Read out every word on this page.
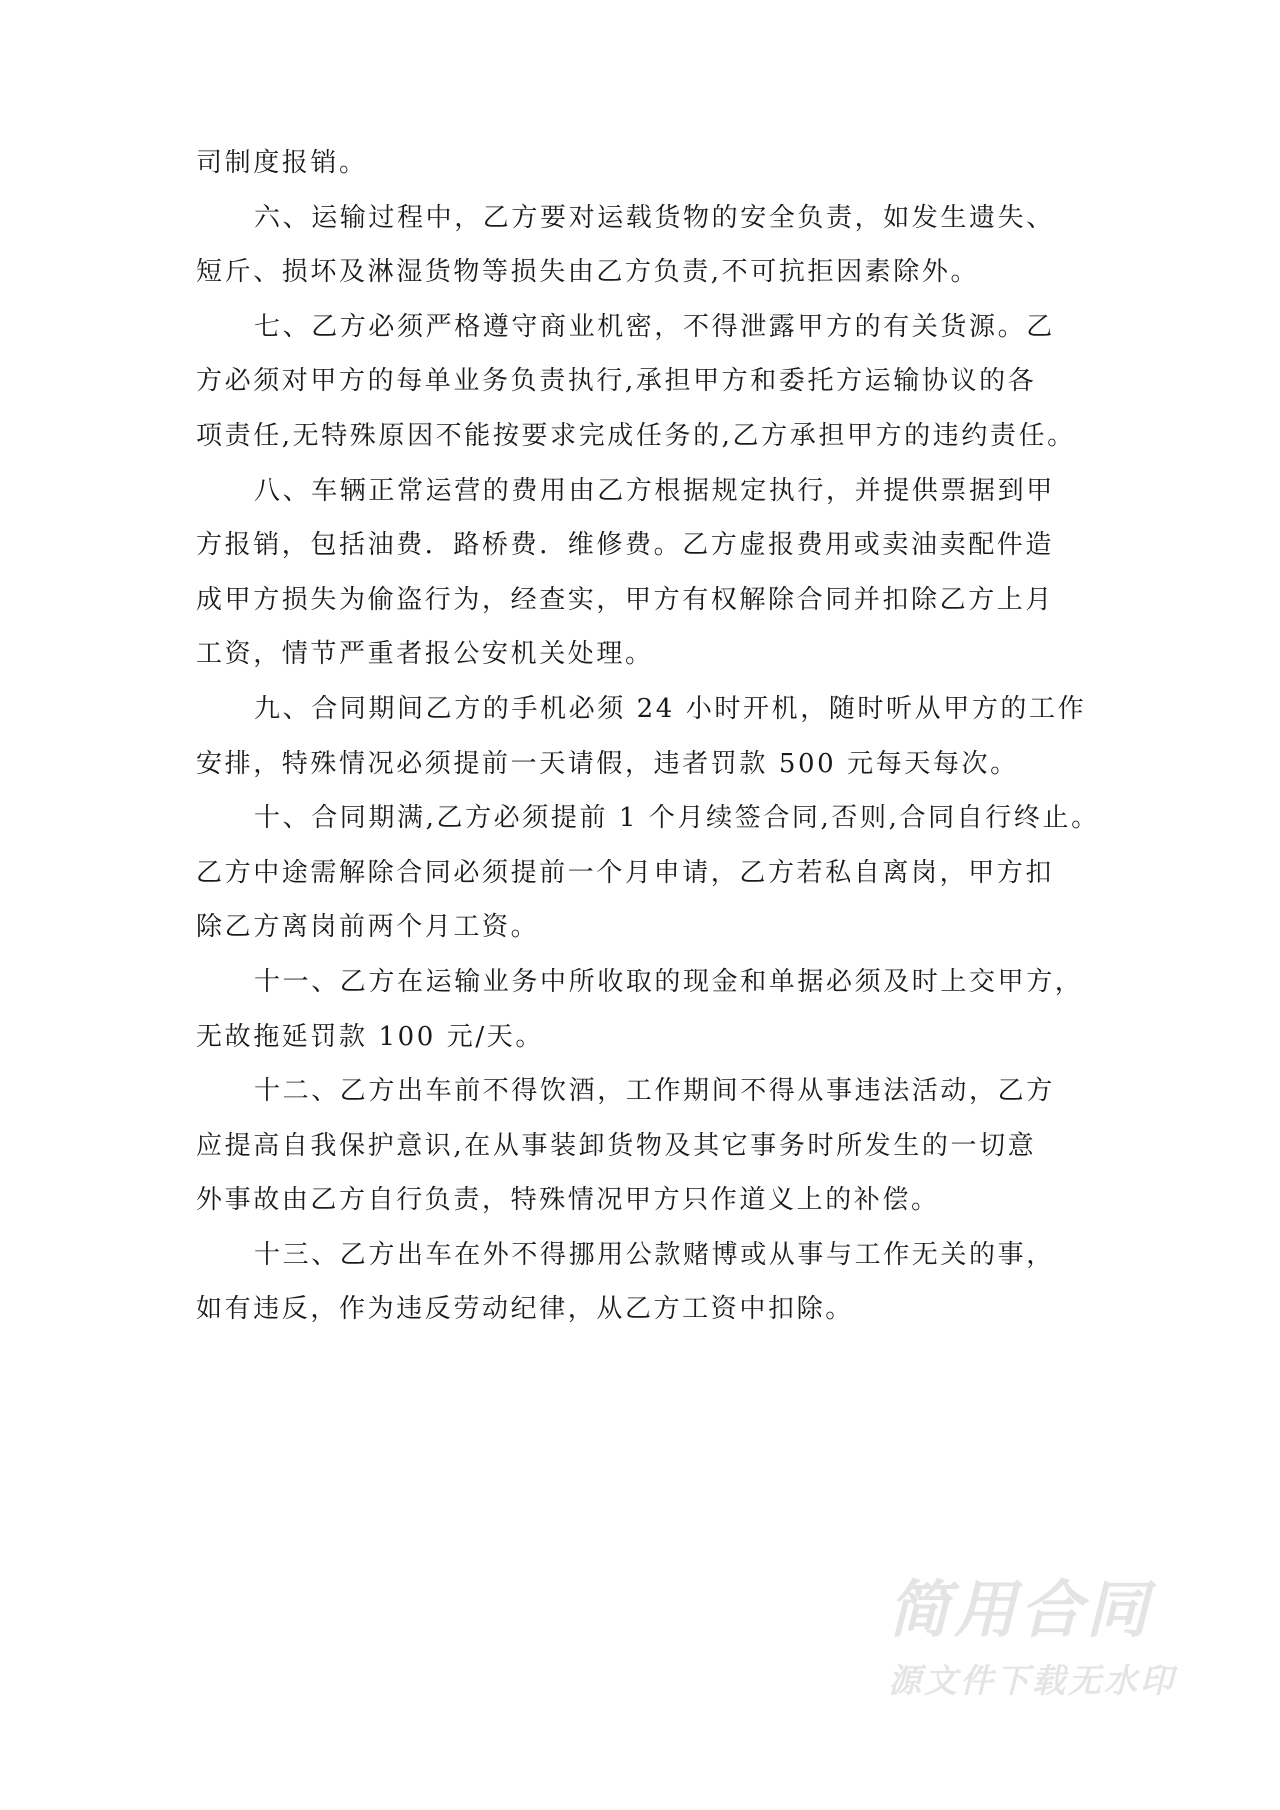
司制度报销。
六、运输过程中，乙方要对运载货物的安全负责，如发生遗失、
短斤、损坏及淋湿货物等损失由乙方负责,不可抗拒因素除外。
七、乙方必须严格遵守商业机密，不得泄露甲方的有关货源。乙
方必须对甲方的每单业务负责执行,承担甲方和委托方运输协议的各
项责任,无特殊原因不能按要求完成任务的,乙方承担甲方的违约责任。
八、车辆正常运营的费用由乙方根据规定执行，并提供票据到甲
方报销，包括油费．路桥费．维修费。乙方虚报费用或卖油卖配件造
成甲方损失为偷盗行为，经查实，甲方有权解除合同并扣除乙方上月
工资，情节严重者报公安机关处理。
九、合同期间乙方的手机必须 24 小时开机，随时听从甲方的工作
安排，特殊情况必须提前一天请假，违者罚款 500 元每天每次。
十、合同期满,乙方必须提前 1 个月续签合同,否则,合同自行终止。
乙方中途需解除合同必须提前一个月申请，乙方若私自离岗，甲方扣
除乙方离岗前两个月工资。
十一、乙方在运输业务中所收取的现金和单据必须及时上交甲方，
无故拖延罚款 100 元/天。
十二、乙方出车前不得饮酒，工作期间不得从事违法活动，乙方
应提高自我保护意识,在从事装卸货物及其它事务时所发生的一切意
外事故由乙方自行负责，特殊情况甲方只作道义上的补偿。
十三、乙方出车在外不得挪用公款赌博或从事与工作无关的事，
如有违反，作为违反劳动纪律，从乙方工资中扣除。
简用合同
源文件下载无水印
